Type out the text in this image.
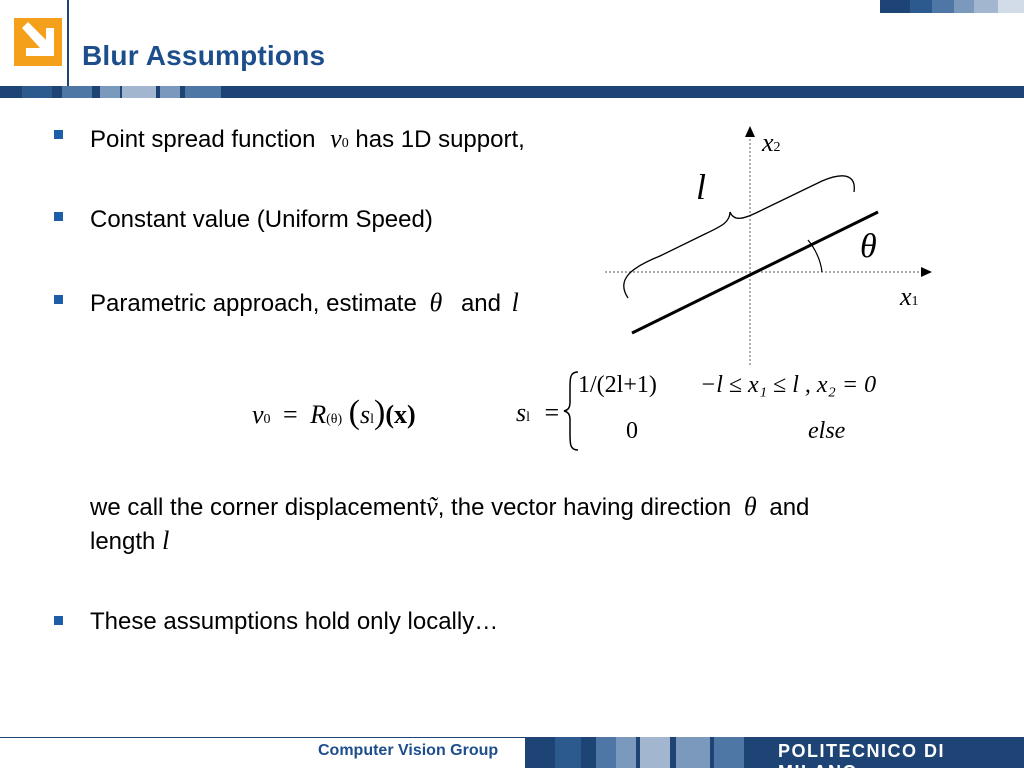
Blur Assumptions
Point spread function v0 has 1D support,
Constant value (Uniform Speed)
Parametric approach, estimate θ and l
x2
x1
l
θ
v0 = R(θ) (sl)(x)	sl =
1/(2l+1) −l ≤ x₁ ≤ l , x₂ = 0
0	else
we call the corner displacementṽ, the vector having direction θ and
length l
These assumptions hold only locally…
Computer Vision Group	POLITECNICO DI MILANO
